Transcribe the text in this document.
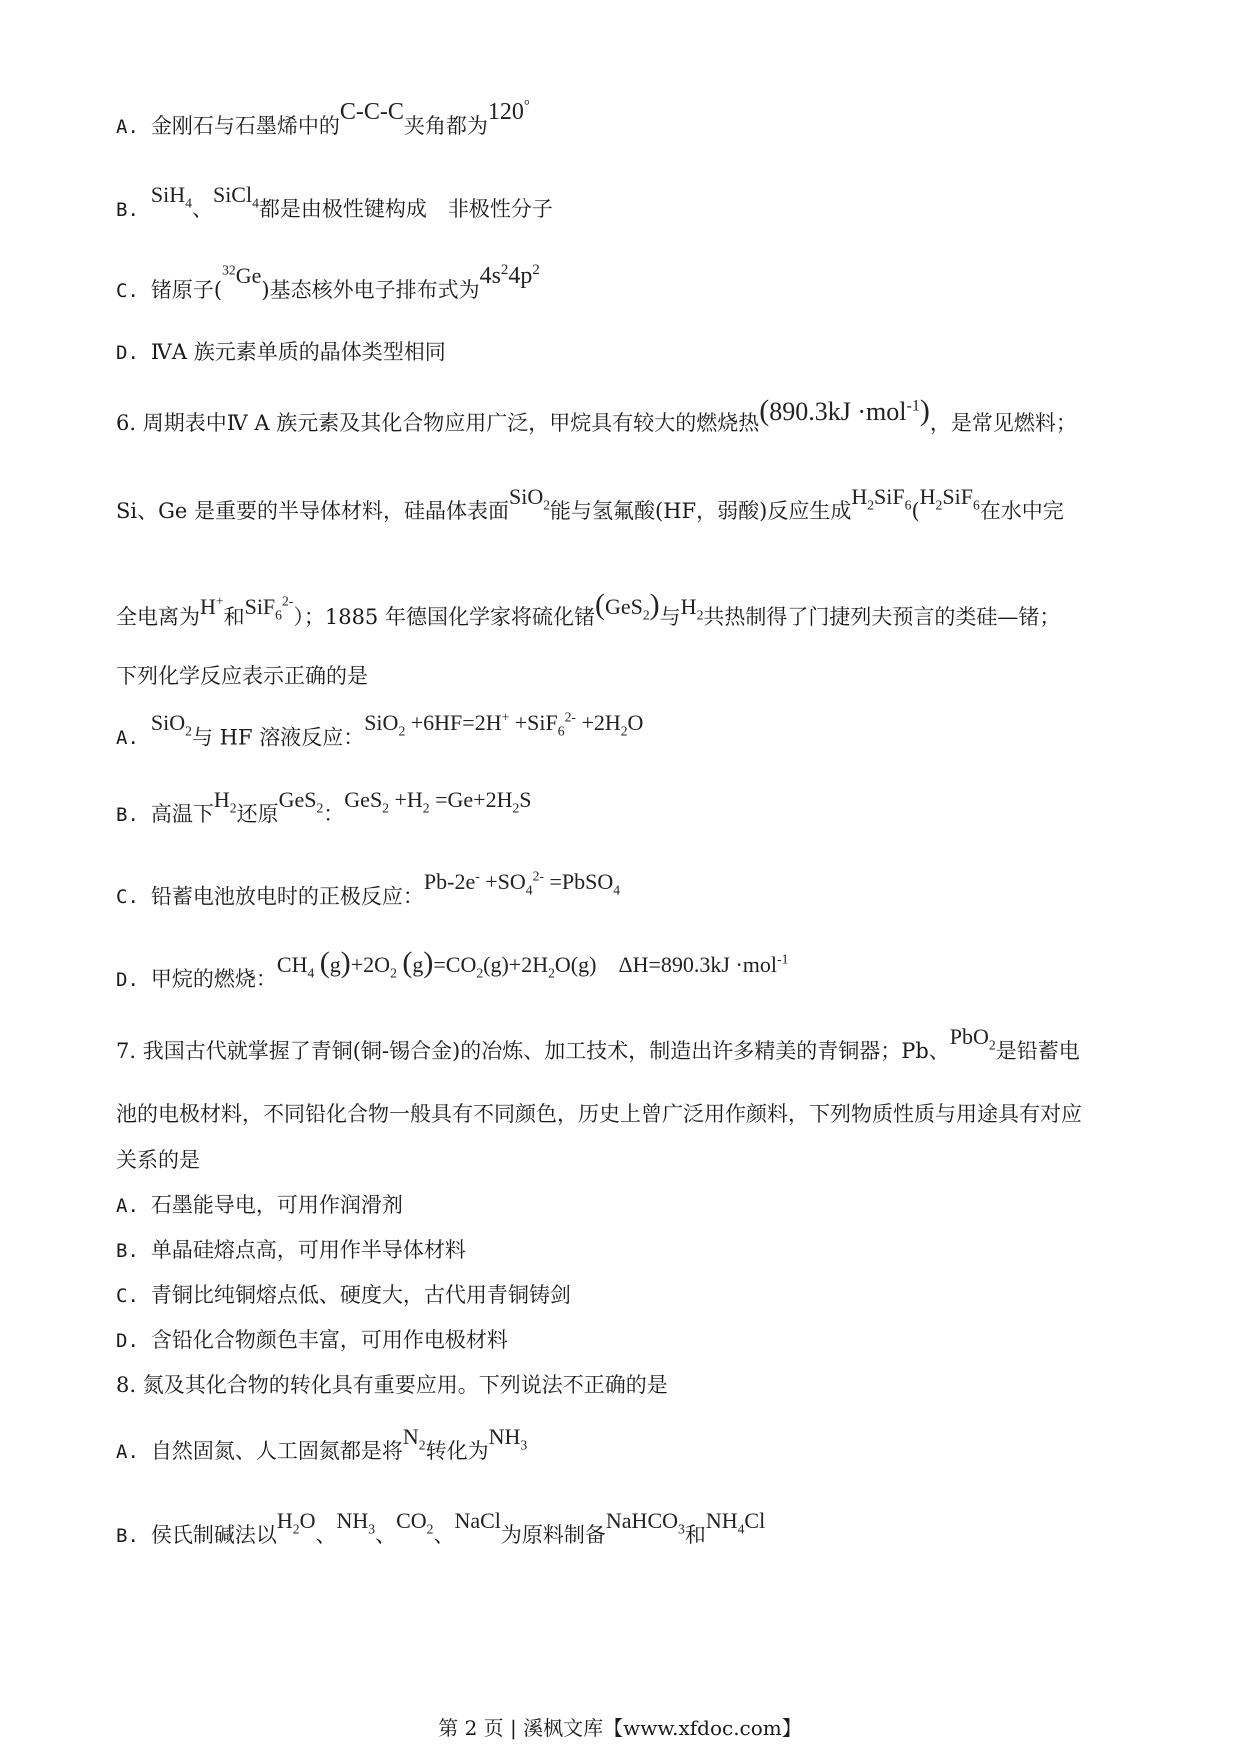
A. 金刚石与石墨烯中的C-C-C夹角都为120°
B.SiH$_4$、SiCl$_4$都是由极性键构成　非极性分子
C. 锗原子($^{32}$Ge)基态核外电子排布式为$4s^24p^2$
D. ⅣA 族元素单质的晶体类型相同
6. 周期表中Ⅳ A 族元素及其化合物应用广泛，甲烷具有较大的燃烧热(890.3kJ ·mol$^{-1}$)，是常见燃料；
Si、Ge 是重要的半导体材料，硅晶体表面SiO$_2$能与氢氟酸(HF，弱酸)反应生成$H_2SiF_6(H_2SiF_6$在水中完
全电离为H+和SiF$_6^{2-}$）；1885 年德国化学家将硫化锗(GeS$_2$)与$H_2$共热制得了门捷列夫预言的类硅—锗；
下列化学反应表示正确的是
A.SiO$_2$与 HF 溶液反应：$SiO_2 +6HF=2H^+ +SiF_6^{2-} +2H_2O$
B. 高温下$H_2$还原GeS$_2$：$GeS_2 +H_2 =Ge+2H_2S$
C. 铅蓄电池放电时的正极反应：$Pb-2e^- +SO_4^{2-}$ =PbSO$_4$
D. 甲烷的燃烧：$CH_4$ $(g)+2O_2$ $(g)=CO_2(g)+2H_2O(g)$    ΔH=890.3kJ ·mol$^{-1}$
7. 我国古代就掌握了青铜(铜-锡合金)的冶炼、加工技术，制造出许多精美的青铜器；Pb、PbO$_2$是铅蓄电
池的电极材料，不同铅化合物一般具有不同颜色，历史上曾广泛用作颜料，下列物质性质与用途具有对应
关系的是
A. 石墨能导电，可用作润滑剂
B. 单晶硅熔点高，可用作半导体材料
C. 青铜比纯铜熔点低、硬度大，古代用青铜铸剑
D. 含铅化合物颜色丰富，可用作电极材料
8. 氮及其化合物的转化具有重要应用。下列说法不正确的是
A. 自然固氮、人工固氮都是将$N_2$转化为$NH_3$
B. 侯氏制碱法以$H_2O$、$NH_3$、$CO_2$、NaCl为原料制备NaHCO$_3$和$NH_4Cl$
第 2 页 | 溪枫文库【www.xfdoc.com】
